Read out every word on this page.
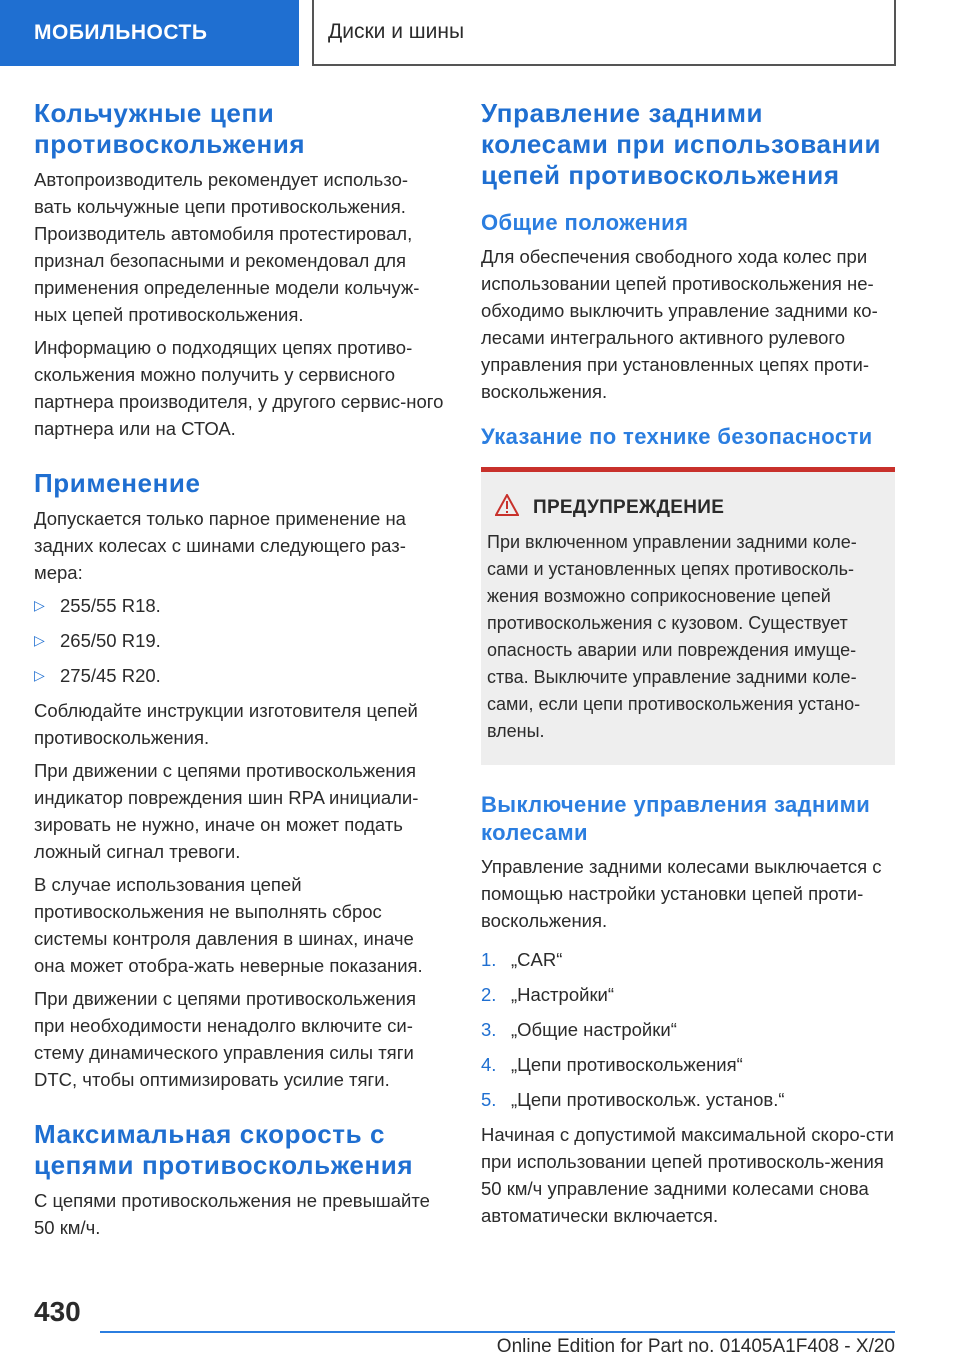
МОБИЛЬНОСТЬ	Диски и шины
Кольчужные цепи противоскольжения

Автопроизводитель рекомендует использо-вать кольчужные цепи противоскольжения. Производитель автомобиля протестировал, признал безопасными и рекомендовал для применения определенные модели кольчуж-ных цепей противоскольжения.

Информацию о подходящих цепях противо-скольжения можно получить у сервисного партнера производителя, у другого сервис-ного партнера или на СТОА.

Применение

Допускается только парное применение на задних колесах с шинами следующего раз-мера:

▷ 255/55 R18.
▷ 265/50 R19.
▷ 275/45 R20.

Соблюдайте инструкции изготовителя цепей противоскольжения.

При движении с цепями противоскольжения индикатор повреждения шин RPA инициали-зировать не нужно, иначе он может подать ложный сигнал тревоги.

В случае использования цепей противоскольжения не выполнять сброс системы контроля давления в шинах, иначе она может отобра-жать неверные показания.

При движении с цепями противоскольжения при необходимости ненадолго включите си-стему динамического управления силы тяги DTC, чтобы оптимизировать усилие тяги.

Максимальная скорость с цепями противоскольжения

С цепями противоскольжения не превышайте 50 км/ч.

Управление задними колесами при использовании цепей противоскольжения
Общие положения

Для обеспечения свободного хода колес при использовании цепей противоскольжения не-обходимо выключить управление задними ко-лесами интегрального активного рулевого управления при установленных цепях проти-воскольжения.

Указание по технике безопасности
ПРЕДУПРЕЖДЕНИЕ

При включенном управлении задними коле-сами и установленных цепях противосколь-жения возможно соприкосновение цепей противоскольжения с кузовом. Существует опасность аварии или повреждения имуще-ства. Выключите управление задними коле-сами, если цепи противоскольжения устано-влены.

Выключение управления задними колесами

Управление задними колесами выключается с помощью настройки установки цепей проти-воскольжения.

1. „CAR“
2. „Настройки“
3. „Общие настройки“
4. „Цепи противоскольжения“
5. „Цепи противоскольж. установ.“

Начиная с допустимой максимальной скоро-сти при использовании цепей противосколь-жения 50 км/ч управление задними колесами снова автоматически включается.

430
Online Edition for Part no. 01405A1F408 - X/20
